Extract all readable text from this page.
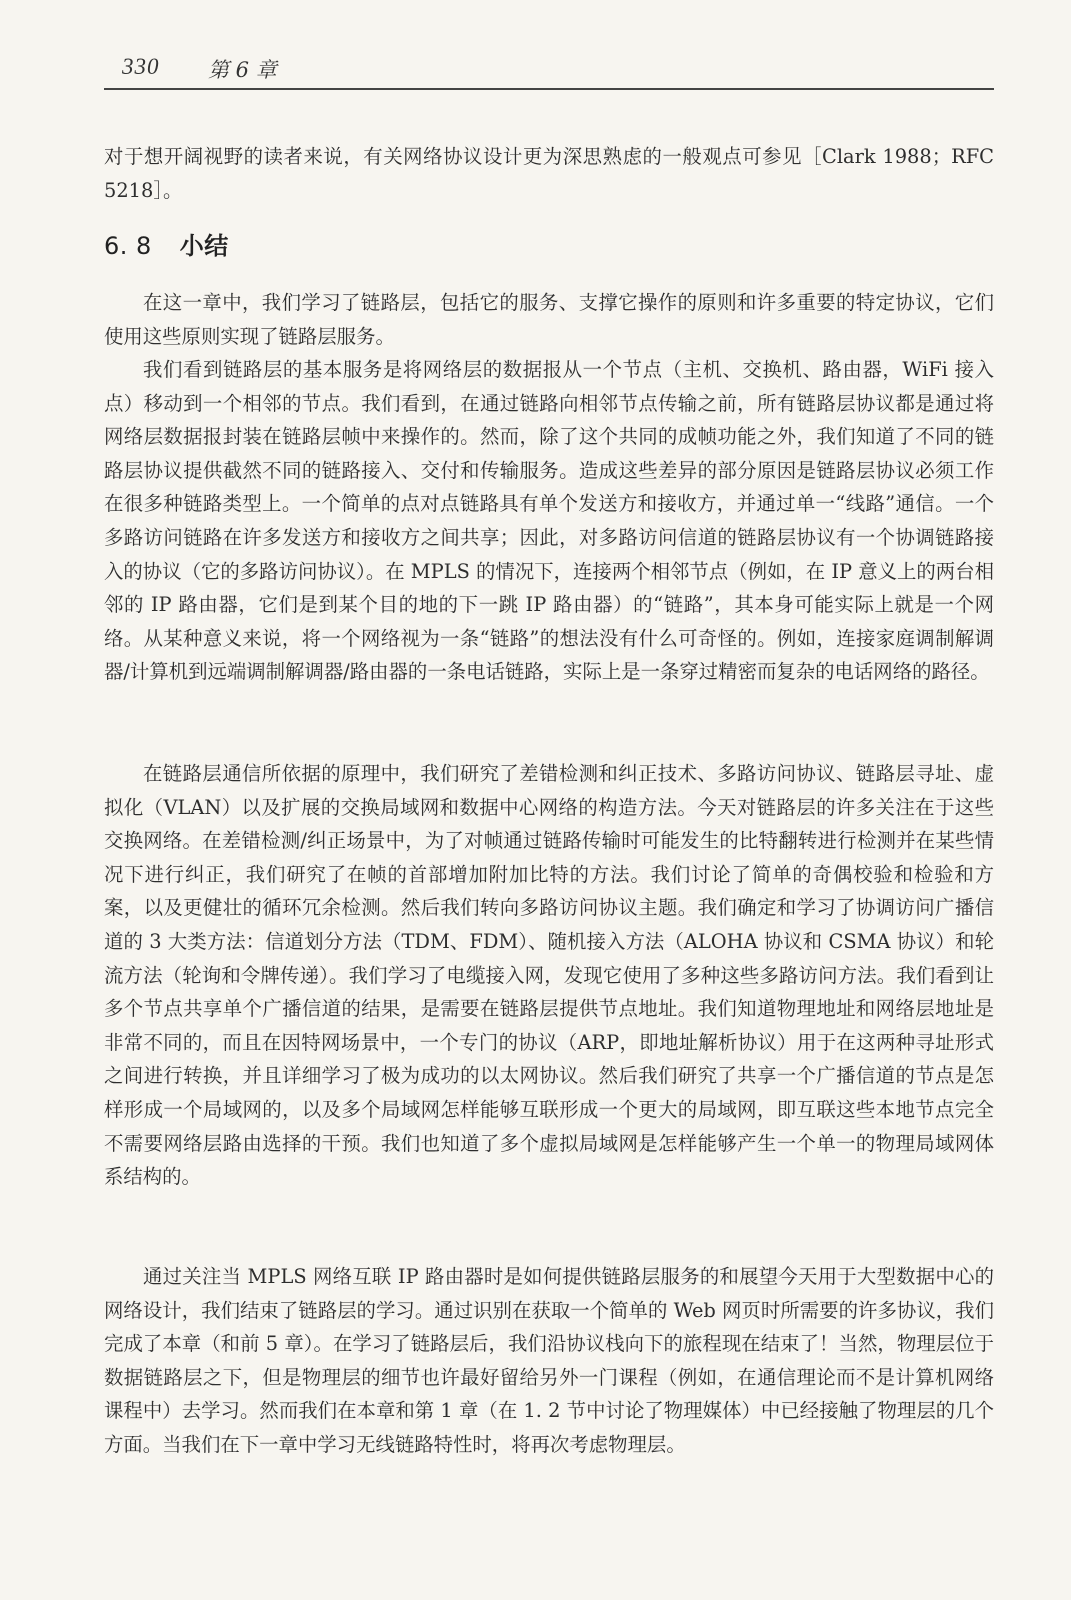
330 第 6 章
对于想开阔视野的读者来说，有关网络协议设计更为深思熟虑的一般观点可参见［Clark 1988；RFC 5218］。
6. 8 小结

在这一章中，我们学习了链路层，包括它的服务、支撑它操作的原则和许多重要的特定协议，它们使用这些原则实现了链路层服务。

我们看到链路层的基本服务是将网络层的数据报从一个节点（主机、交换机、路由器，WiFi 接入点）移动到一个相邻的节点。我们看到，在通过链路向相邻节点传输之前，所有链路层协议都是通过将网络层数据报封装在链路层帧中来操作的。然而，除了这个共同的成帧功能之外，我们知道了不同的链路层协议提供截然不同的链路接入、交付和传输服务。造成这些差异的部分原因是链路层协议必须工作在很多种链路类型上。一个简单的点对点链路具有单个发送方和接收方，并通过单一“线路”通信。一个多路访问链路在许多发送方和接收方之间共享；因此，对多路访问信道的链路层协议有一个协调链路接入的协议（它的多路访问协议）。在 MPLS 的情况下，连接两个相邻节点（例如，在 IP 意义上的两台相邻的 IP 路由器，它们是到某个目的地的下一跳 IP 路由器）的“链路”，其本身可能实际上就是一个网络。从某种意义来说，将一个网络视为一条“链路”的想法没有什么可奇怪的。例如，连接家庭调制解调器/计算机到远端调制解调器/路由器的一条电话链路，实际上是一条穿过精密而复杂的电话网络的路径。

在链路层通信所依据的原理中，我们研究了差错检测和纠正技术、多路访问协议、链路层寻址、虚拟化（VLAN）以及扩展的交换局域网和数据中心网络的构造方法。今天对链路层的许多关注在于这些交换网络。在差错检测/纠正场景中，为了对帧通过链路传输时可能发生的比特翻转进行检测并在某些情况下进行纠正，我们研究了在帧的首部增加附加比特的方法。我们讨论了简单的奇偶校验和检验和方案，以及更健壮的循环冗余检测。然后我们转向多路访问协议主题。我们确定和学习了协调访问广播信道的 3 大类方法：信道划分方法（TDM、FDM）、随机接入方法（ALOHA 协议和 CSMA 协议）和轮流方法（轮询和令牌传递）。我们学习了电缆接入网，发现它使用了多种这些多路访问方法。我们看到让多个节点共享单个广播信道的结果，是需要在链路层提供节点地址。我们知道物理地址和网络层地址是非常不同的，而且在因特网场景中，一个专门的协议（ARP，即地址解析协议）用于在这两种寻址形式之间进行转换，并且详细学习了极为成功的以太网协议。然后我们研究了共享一个广播信道的节点是怎样形成一个局域网的，以及多个局域网怎样能够互联形成一个更大的局域网，即互联这些本地节点完全不需要网络层路由选择的干预。我们也知道了多个虚拟局域网是怎样能够产生一个单一的物理局域网体系结构的。

通过关注当 MPLS 网络互联 IP 路由器时是如何提供链路层服务的和展望今天用于大型数据中心的网络设计，我们结束了链路层的学习。通过识别在获取一个简单的 Web 网页时所需要的许多协议，我们完成了本章（和前 5 章）。在学习了链路层后，我们沿协议栈向下的旅程现在结束了！当然，物理层位于数据链路层之下，但是物理层的细节也许最好留给另外一门课程（例如，在通信理论而不是计算机网络课程中）去学习。然而我们在本章和第 1 章（在 1. 2 节中讨论了物理媒体）中已经接触了物理层的几个方面。当我们在下一章中学习无线链路特性时，将再次考虑物理层。
